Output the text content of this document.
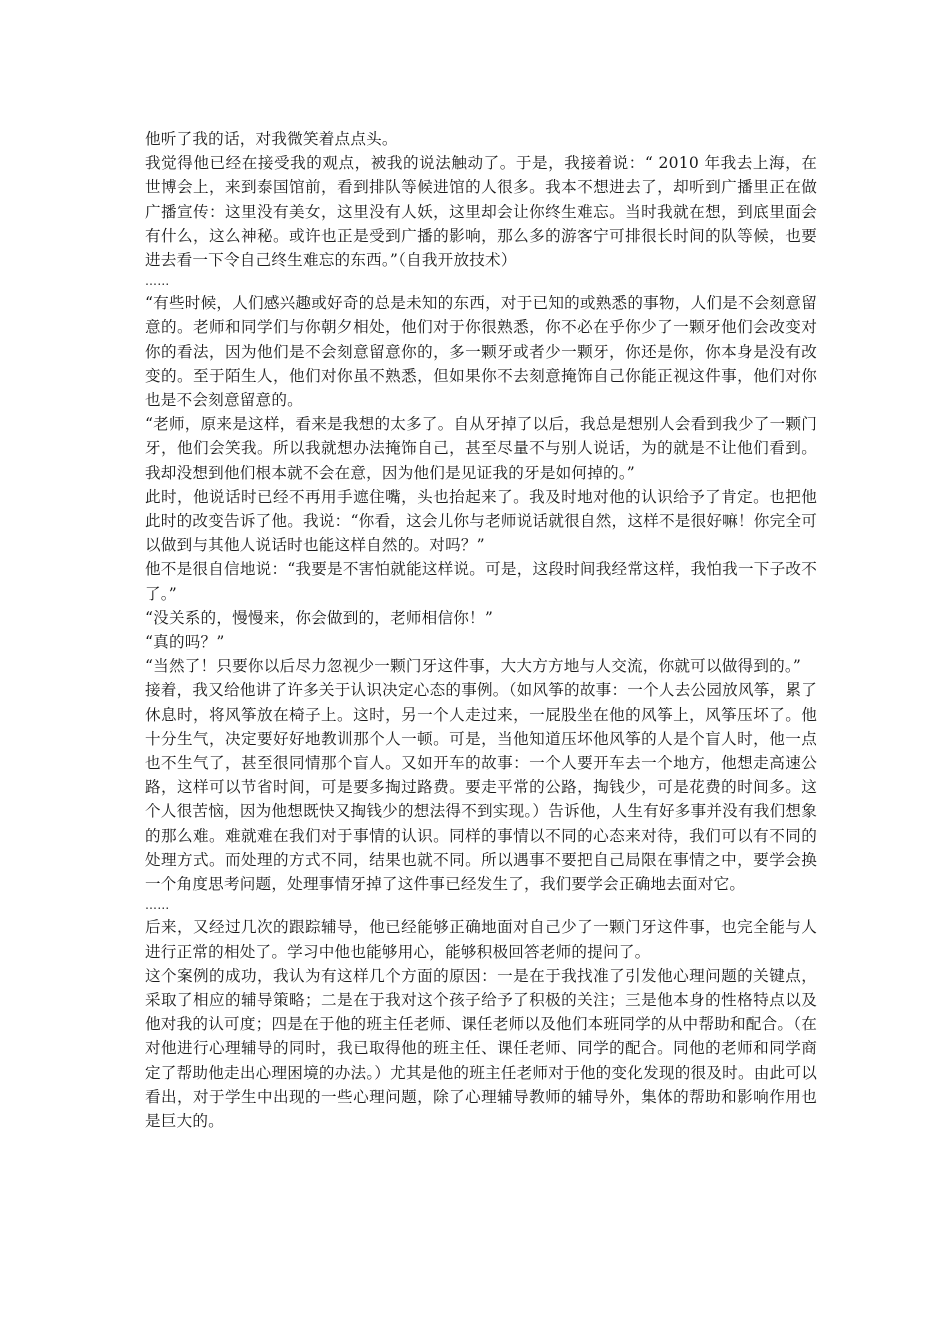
他听了我的话，对我微笑着点点头。

我觉得他已经在接受我的观点，被我的说法触动了。于是，我接着说：“ 2010 年我去上海，在世博会上，来到泰国馆前，看到排队等候进馆的人很多。我本不想进去了，却听到广播里正在做广播宣传：这里没有美女，这里没有人妖，这里却会让你终生难忘。当时我就在想，到底里面会有什么，这么神秘。或许也正是受到广播的影响，那么多的游客宁可排很长时间的队等候，也要进去看一下令自己终生难忘的东西。”（自我开放技术）

……

“有些时候，人们感兴趣或好奇的总是未知的东西，对于已知的或熟悉的事物，人们是不会刻意留意的。老师和同学们与你朝夕相处，他们对于你很熟悉，你不必在乎你少了一颗牙他们会改变对你的看法，因为他们是不会刻意留意你的，多一颗牙或者少一颗牙，你还是你，你本身是没有改变的。至于陌生人，他们对你虽不熟悉，但如果你不去刻意掩饰自己你能正视这件事，他们对你也是不会刻意留意的。

“老师，原来是这样，看来是我想的太多了。自从牙掉了以后，我总是想别人会看到我少了一颗门牙，他们会笑我。所以我就想办法掩饰自己，甚至尽量不与别人说话，为的就是不让他们看到。我却没想到他们根本就不会在意，因为他们是见证我的牙是如何掉的。”

此时，他说话时已经不再用手遮住嘴，头也抬起来了。我及时地对他的认识给予了肯定。也把他此时的改变告诉了他。我说：“你看，这会儿你与老师说话就很自然，这样不是很好嘛！你完全可以做到与其他人说话时也能这样自然的。对吗？”

他不是很自信地说：“我要是不害怕就能这样说。可是，这段时间我经常这样，我怕我一下子改不了。”

“没关系的，慢慢来，你会做到的，老师相信你！”

“真的吗？”

“当然了！只要你以后尽力忽视少一颗门牙这件事，大大方方地与人交流，你就可以做得到的。”

接着，我又给他讲了许多关于认识决定心态的事例。（如风筝的故事：一个人去公园放风筝，累了休息时，将风筝放在椅子上。这时，另一个人走过来，一屁股坐在他的风筝上，风筝压坏了。他十分生气，决定要好好地教训那个人一顿。可是，当他知道压坏他风筝的人是个盲人时，他一点也不生气了，甚至很同情那个盲人。又如开车的故事：一个人要开车去一个地方，他想走高速公路，这样可以节省时间，可是要多掏过路费。要走平常的公路，掏钱少，可是花费的时间多。这个人很苦恼，因为他想既快又掏钱少的想法得不到实现。）告诉他，人生有好多事并没有我们想象的那么难。难就难在我们对于事情的认识。同样的事情以不同的心态来对待，我们可以有不同的处理方式。而处理的方式不同，结果也就不同。所以遇事不要把自己局限在事情之中，要学会换一个角度思考问题，处理事情牙掉了这件事已经发生了，我们要学会正确地去面对它。

……

后来，又经过几次的跟踪辅导，他已经能够正确地面对自己少了一颗门牙这件事，也完全能与人进行正常的相处了。学习中他也能够用心，能够积极回答老师的提问了。

这个案例的成功，我认为有这样几个方面的原因：一是在于我找准了引发他心理问题的关键点，采取了相应的辅导策略；二是在于我对这个孩子给予了积极的关注；三是他本身的性格特点以及他对我的认可度；四是在于他的班主任老师、课任老师以及他们本班同学的从中帮助和配合。（在对他进行心理辅导的同时，我已取得他的班主任、课任老师、同学的配合。同他的老师和同学商定了帮助他走出心理困境的办法。）尤其是他的班主任老师对于他的变化发现的很及时。由此可以看出，对于学生中出现的一些心理问题，除了心理辅导教师的辅导外，集体的帮助和影响作用也是巨大的。
